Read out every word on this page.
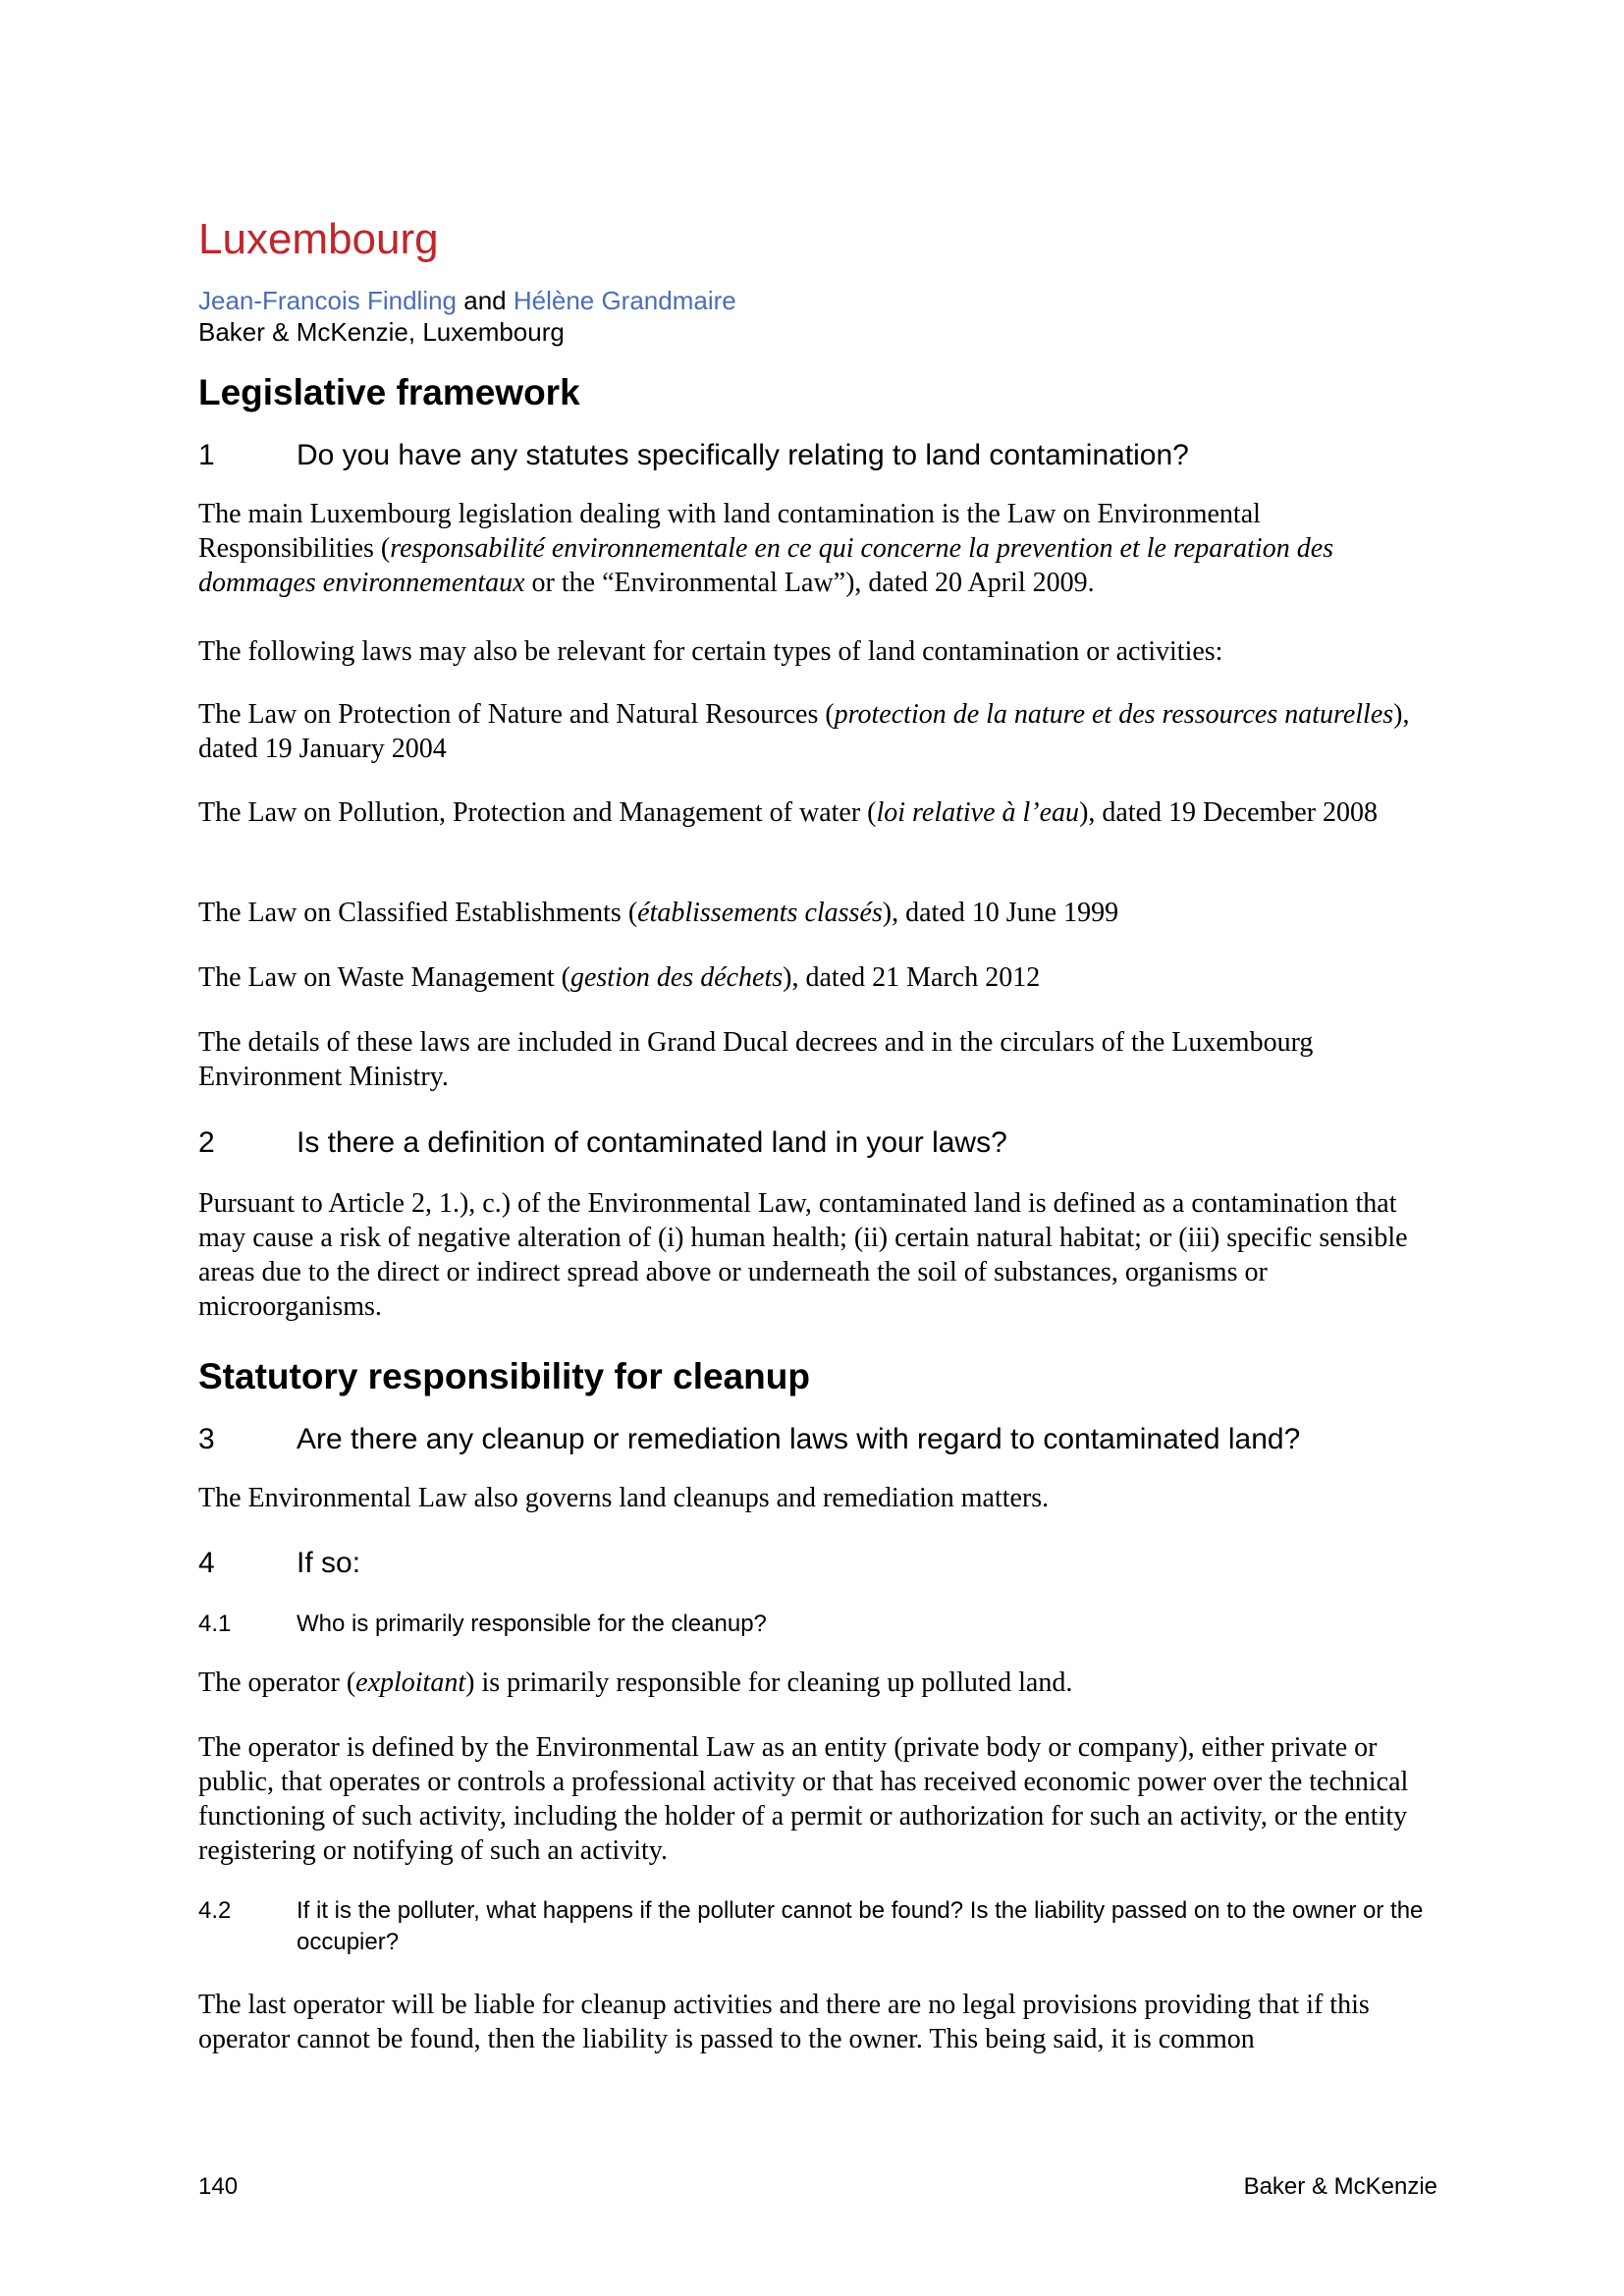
Luxembourg
Jean-Francois Findling and Hélène Grandmaire
Baker & McKenzie, Luxembourg
Legislative framework
1	Do you have any statutes specifically relating to land contamination?

The main Luxembourg legislation dealing with land contamination is the Law on Environmental Responsibilities (responsabilité environnementale en ce qui concerne la prevention et le reparation des dommages environnementaux or the “Environmental Law”), dated 20 April 2009.

The following laws may also be relevant for certain types of land contamination or activities:

The Law on Protection of Nature and Natural Resources (protection de la nature et des ressources naturelles), dated 19 January 2004

The Law on Pollution, Protection and Management of water (loi relative à l’eau), dated 19 December 2008

The Law on Classified Establishments (établissements classés), dated 10 June 1999

The Law on Waste Management (gestion des déchets), dated 21 March 2012

The details of these laws are included in Grand Ducal decrees and in the circulars of the Luxembourg Environment Ministry.

2	Is there a definition of contaminated land in your laws?

Pursuant to Article 2, 1.), c.) of the Environmental Law, contaminated land is defined as a contamination that may cause a risk of negative alteration of (i) human health; (ii) certain natural habitat; or (iii) specific sensible areas due to the direct or indirect spread above or underneath the soil of substances, organisms or microorganisms.

Statutory responsibility for cleanup
3	Are there any cleanup or remediation laws with regard to contaminated land?

The Environmental Law also governs land cleanups and remediation matters.

4	If so:
4.1	Who is primarily responsible for the cleanup?

The operator (exploitant) is primarily responsible for cleaning up polluted land.

The operator is defined by the Environmental Law as an entity (private body or company), either private or public, that operates or controls a professional activity or that has received economic power over the technical functioning of such activity, including the holder of a permit or authorization for such an activity, or the entity registering or notifying of such an activity.

4.2	If it is the polluter, what happens if the polluter cannot be found? Is the liability passed on to the owner or the occupier?

The last operator will be liable for cleanup activities and there are no legal provisions providing that if this operator cannot be found, then the liability is passed to the owner. This being said, it is common

140	Baker & McKenzie
